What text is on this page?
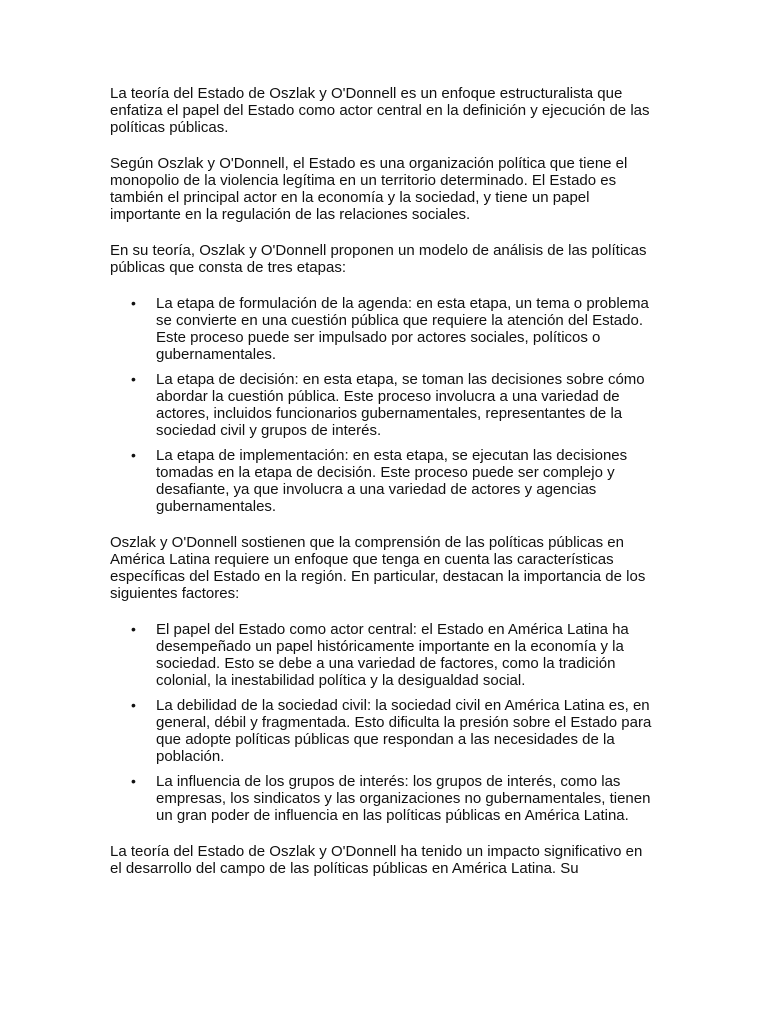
La teoría del Estado de Oszlak y O'Donnell es un enfoque estructuralista que enfatiza el papel del Estado como actor central en la definición y ejecución de las políticas públicas.

Según Oszlak y O'Donnell, el Estado es una organización política que tiene el monopolio de la violencia legítima en un territorio determinado. El Estado es también el principal actor en la economía y la sociedad, y tiene un papel importante en la regulación de las relaciones sociales.

En su teoría, Oszlak y O'Donnell proponen un modelo de análisis de las políticas públicas que consta de tres etapas:

•	La etapa de formulación de la agenda: en esta etapa, un tema o problema se convierte en una cuestión pública que requiere la atención del Estado. Este proceso puede ser impulsado por actores sociales, políticos o gubernamentales.
•	La etapa de decisión: en esta etapa, se toman las decisiones sobre cómo abordar la cuestión pública. Este proceso involucra a una variedad de actores, incluidos funcionarios gubernamentales, representantes de la sociedad civil y grupos de interés.
•	La etapa de implementación: en esta etapa, se ejecutan las decisiones tomadas en la etapa de decisión. Este proceso puede ser complejo y desafiante, ya que involucra a una variedad de actores y agencias gubernamentales.

Oszlak y O'Donnell sostienen que la comprensión de las políticas públicas en América Latina requiere un enfoque que tenga en cuenta las características específicas del Estado en la región. En particular, destacan la importancia de los siguientes factores:

•	El papel del Estado como actor central: el Estado en América Latina ha desempeñado un papel históricamente importante en la economía y la sociedad. Esto se debe a una variedad de factores, como la tradición colonial, la inestabilidad política y la desigualdad social.
•	La debilidad de la sociedad civil: la sociedad civil en América Latina es, en general, débil y fragmentada. Esto dificulta la presión sobre el Estado para que adopte políticas públicas que respondan a las necesidades de la población.
•	La influencia de los grupos de interés: los grupos de interés, como las empresas, los sindicatos y las organizaciones no gubernamentales, tienen un gran poder de influencia en las políticas públicas en América Latina.

La teoría del Estado de Oszlak y O'Donnell ha tenido un impacto significativo en el desarrollo del campo de las políticas públicas en América Latina. Su
